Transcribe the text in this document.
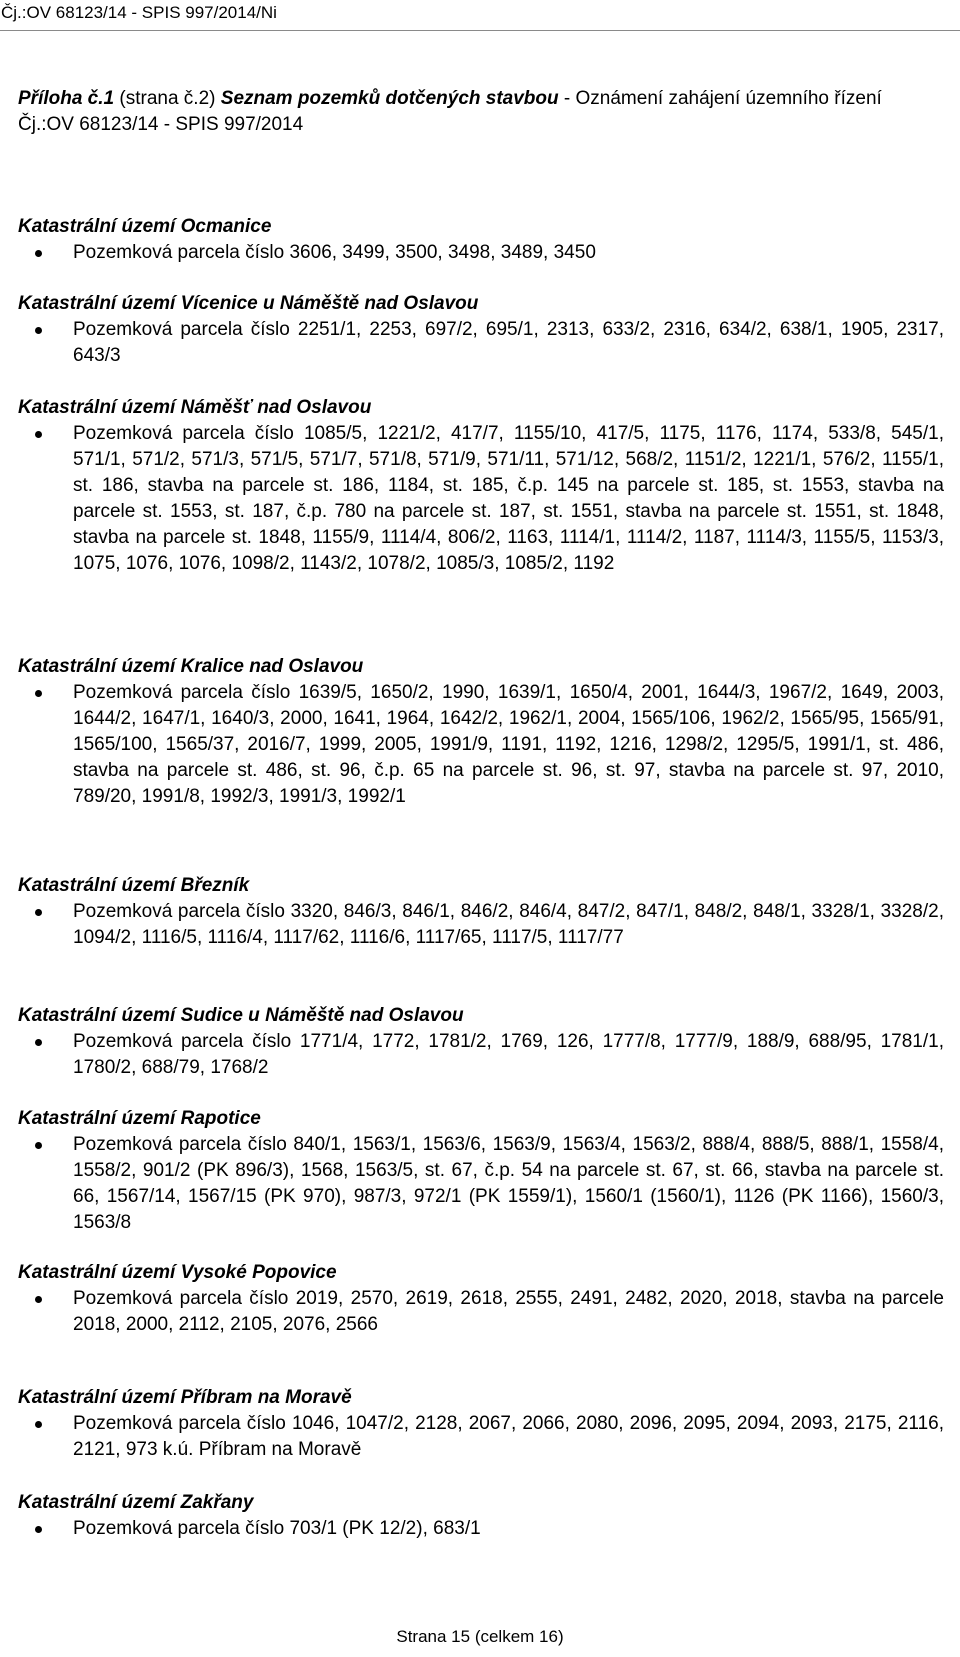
Čj.:OV 68123/14 - SPIS 997/2014/Ni

Příloha č.1 (strana č.2) Seznam pozemků dotčených stavbou - Oznámení zahájení územního řízení Čj.:OV 68123/14 - SPIS 997/2014

Katastrální území Ocmanice
Pozemková parcela číslo 3606, 3499, 3500, 3498, 3489, 3450
Katastrální území Vícenice u Náměště nad Oslavou
Pozemková parcela číslo 2251/1, 2253, 697/2, 695/1, 2313, 633/2, 2316, 634/2, 638/1, 1905, 2317, 643/3
Katastrální území Náměšť nad Oslavou
Pozemková parcela číslo 1085/5, 1221/2, 417/7, 1155/10, 417/5, 1175, 1176, 1174, 533/8, 545/1, 571/1, 571/2, 571/3, 571/5, 571/7, 571/8, 571/9, 571/11, 571/12, 568/2, 1151/2, 1221/1, 576/2, 1155/1, st. 186, stavba na parcele st. 186, 1184, st. 185, č.p. 145 na parcele st. 185, st. 1553, stavba na parcele st. 1553, st. 187, č.p. 780 na parcele st. 187, st. 1551, stavba na parcele st. 1551, st. 1848, stavba na parcele st. 1848, 1155/9, 1114/4, 806/2, 1163, 1114/1, 1114/2, 1187, 1114/3, 1155/5, 1153/3, 1075, 1076, 1076, 1098/2, 1143/2, 1078/2, 1085/3, 1085/2, 1192
Katastrální území Kralice nad Oslavou
Pozemková parcela číslo 1639/5, 1650/2, 1990, 1639/1, 1650/4, 2001, 1644/3, 1967/2, 1649, 2003, 1644/2, 1647/1, 1640/3, 2000, 1641, 1964, 1642/2, 1962/1, 2004, 1565/106, 1962/2, 1565/95, 1565/91, 1565/100, 1565/37, 2016/7, 1999, 2005, 1991/9, 1191, 1192, 1216, 1298/2, 1295/5, 1991/1, st. 486, stavba na parcele st. 486, st. 96, č.p. 65 na parcele st. 96, st. 97, stavba na parcele st. 97, 2010, 789/20, 1991/8, 1992/3, 1991/3, 1992/1
Katastrální území Březník
Pozemková parcela číslo 3320, 846/3, 846/1, 846/2, 846/4, 847/2, 847/1, 848/2, 848/1, 3328/1, 3328/2, 1094/2, 1116/5, 1116/4, 1117/62, 1116/6, 1117/65, 1117/5, 1117/77
Katastrální území Sudice u Náměště nad Oslavou
Pozemková parcela číslo 1771/4, 1772, 1781/2, 1769, 126, 1777/8, 1777/9, 188/9, 688/95, 1781/1, 1780/2, 688/79, 1768/2
Katastrální území Rapotice
Pozemková parcela číslo 840/1, 1563/1, 1563/6, 1563/9, 1563/4, 1563/2, 888/4, 888/5, 888/1, 1558/4, 1558/2, 901/2 (PK 896/3), 1568, 1563/5, st. 67, č.p. 54 na parcele st. 67, st. 66, stavba na parcele st. 66, 1567/14, 1567/15 (PK 970), 987/3, 972/1 (PK 1559/1), 1560/1 (1560/1), 1126 (PK 1166), 1560/3, 1563/8
Katastrální území Vysoké Popovice
Pozemková parcela číslo 2019, 2570, 2619, 2618, 2555, 2491, 2482, 2020, 2018, stavba na parcele 2018, 2000, 2112, 2105, 2076, 2566
Katastrální území Příbram na Moravě
Pozemková parcela číslo 1046, 1047/2, 2128, 2067, 2066, 2080, 2096, 2095, 2094, 2093, 2175, 2116, 2121, 973 k.ú. Příbram na Moravě
Katastrální území Zakřany
Pozemková parcela číslo 703/1 (PK 12/2), 683/1
Strana 15 (celkem 16)
